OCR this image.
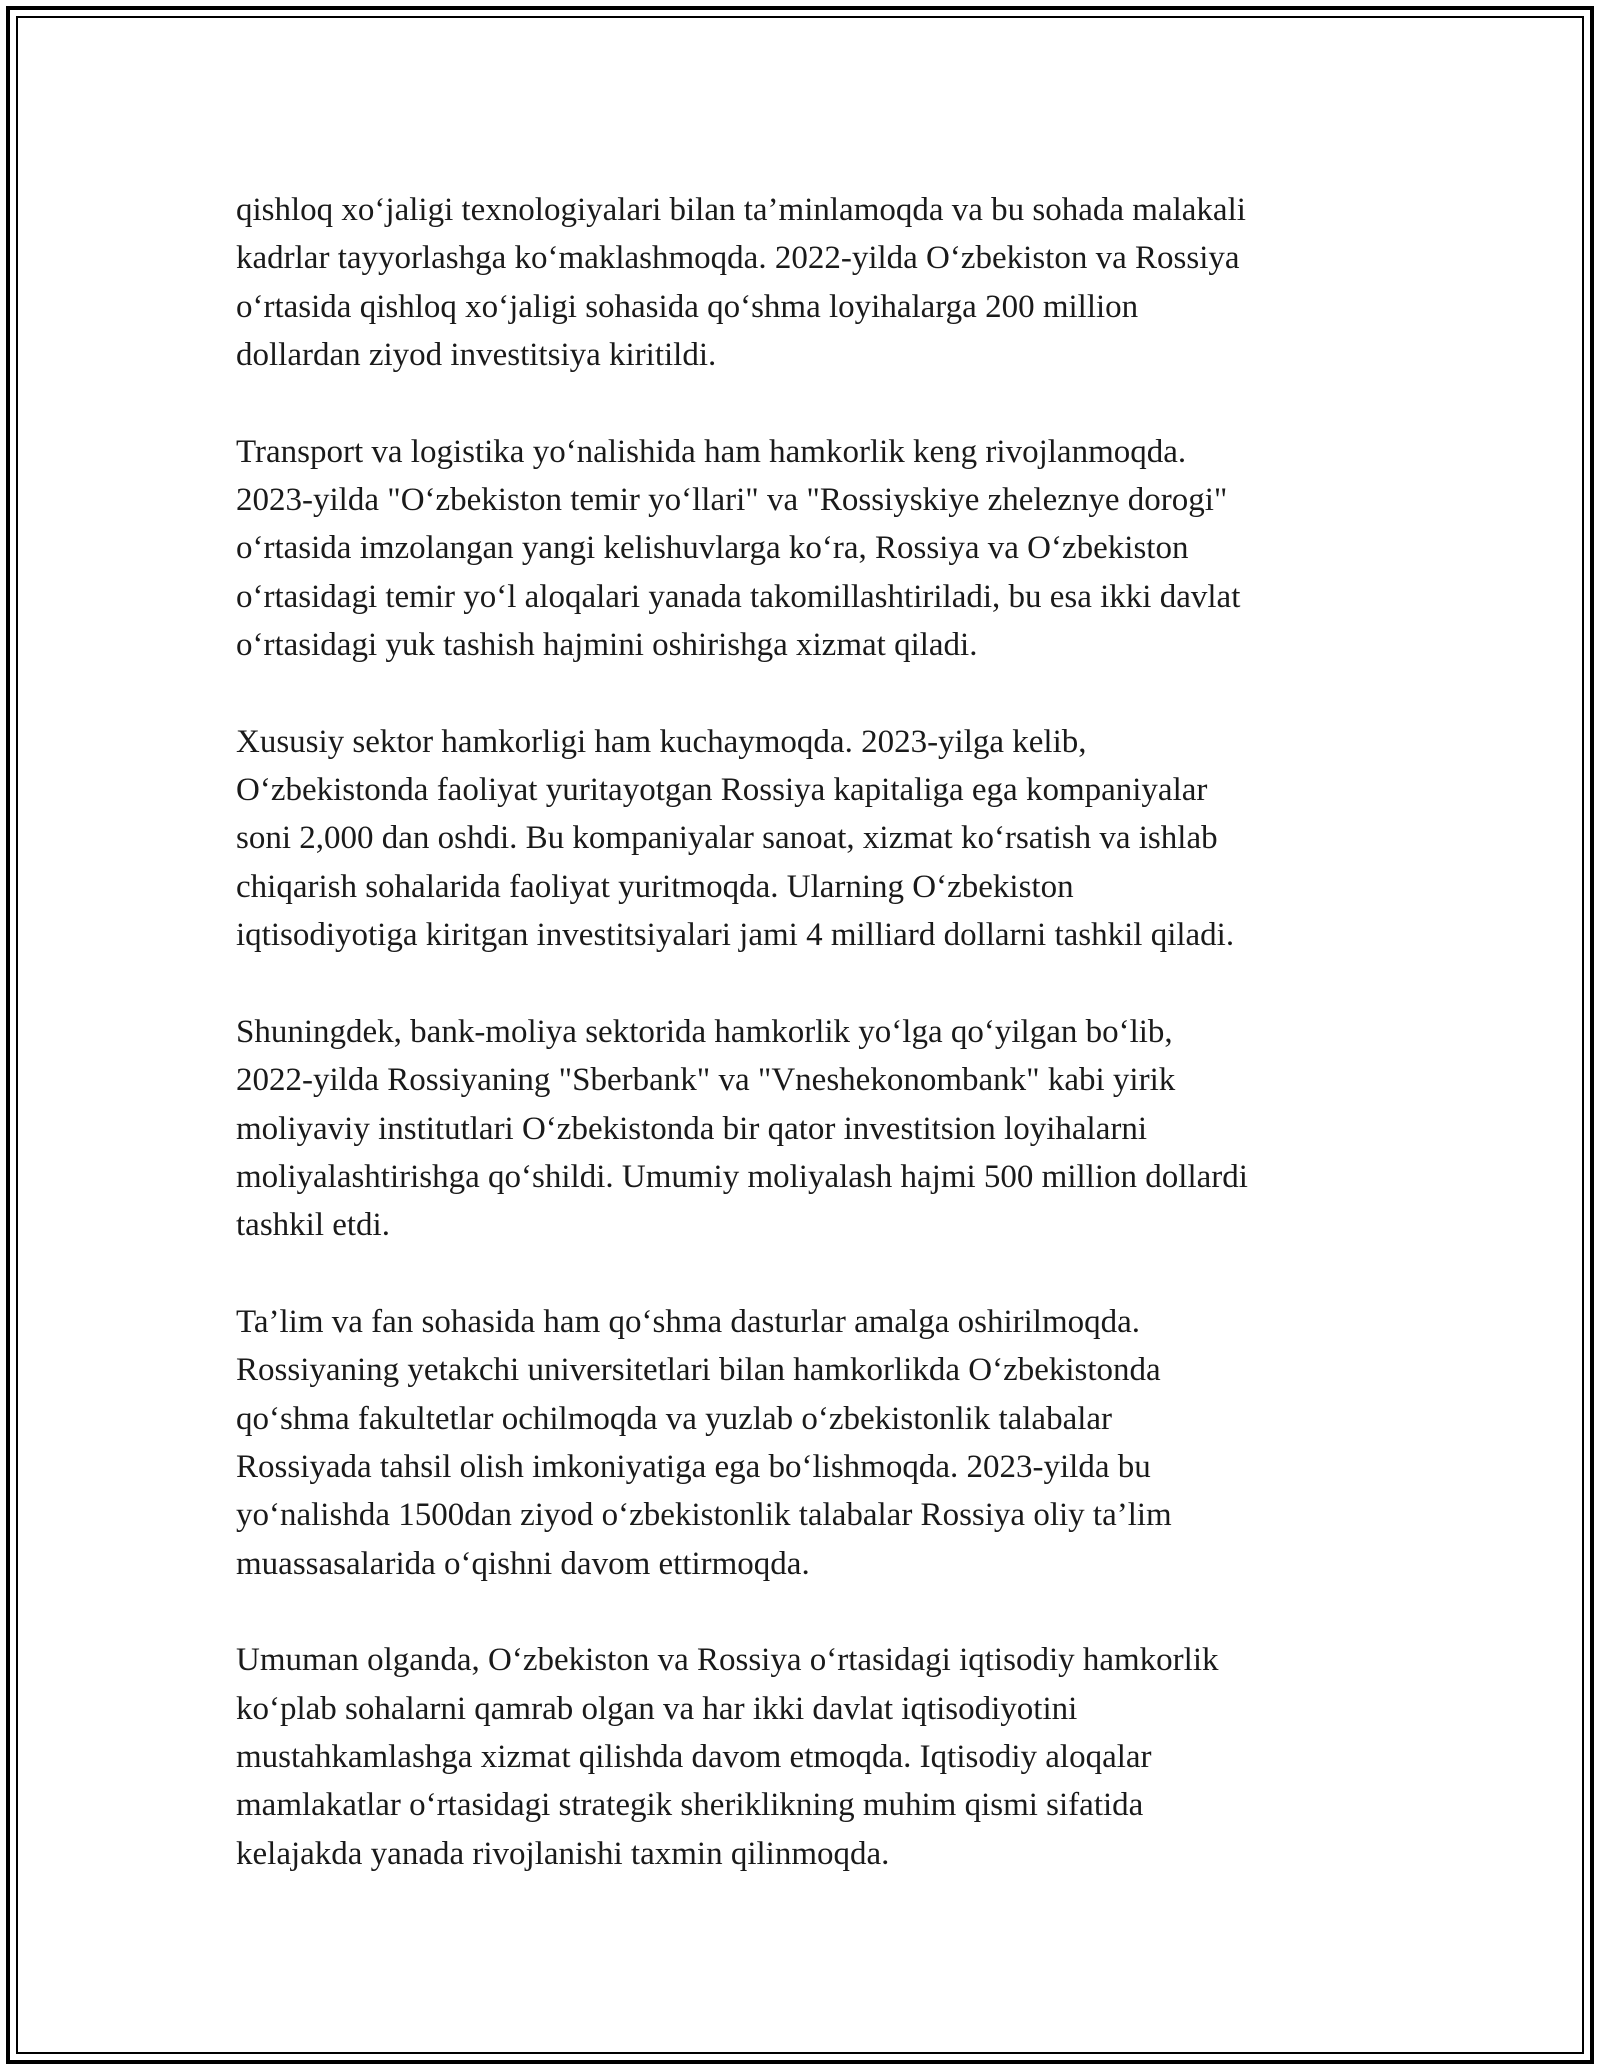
qishloq xo‘jaligi texnologiyalari bilan ta’minlamoqda va bu sohada malakali
kadrlar tayyorlashga ko‘maklashmoqda. 2022-yilda O‘zbekiston va Rossiya
o‘rtasida qishloq xo‘jaligi sohasida qo‘shma loyihalarga 200 million
dollardan ziyod investitsiya kiritildi.

Transport va logistika yo‘nalishida ham hamkorlik keng rivojlanmoqda.
2023-yilda "O‘zbekiston temir yo‘llari" va "Rossiyskiye zheleznye dorogi"
o‘rtasida imzolangan yangi kelishuvlarga ko‘ra, Rossiya va O‘zbekiston
o‘rtasidagi temir yo‘l aloqalari yanada takomillashtiriladi, bu esa ikki davlat
o‘rtasidagi yuk tashish hajmini oshirishga xizmat qiladi.

Xususiy sektor hamkorligi ham kuchaymoqda. 2023-yilga kelib,
O‘zbekistonda faoliyat yuritayotgan Rossiya kapitaliga ega kompaniyalar
soni 2,000 dan oshdi. Bu kompaniyalar sanoat, xizmat ko‘rsatish va ishlab
chiqarish sohalarida faoliyat yuritmoqda. Ularning O‘zbekiston
iqtisodiyotiga kiritgan investitsiyalari jami 4 milliard dollarni tashkil qiladi.

Shuningdek, bank-moliya sektorida hamkorlik yo‘lga qo‘yilgan bo‘lib,
2022-yilda Rossiyaning "Sberbank" va "Vneshekonombank" kabi yirik
moliyaviy institutlari O‘zbekistonda bir qator investitsion loyihalarni
moliyalashtirishga qo‘shildi. Umumiy moliyalash hajmi 500 million dollardi
tashkil etdi.

Ta’lim va fan sohasida ham qo‘shma dasturlar amalga oshirilmoqda.
Rossiyaning yetakchi universitetlari bilan hamkorlikda O‘zbekistonda
qo‘shma fakultetlar ochilmoqda va yuzlab o‘zbekistonlik talabalar
Rossiyada tahsil olish imkoniyatiga ega bo‘lishmoqda. 2023-yilda bu
yo‘nalishda 1500dan ziyod o‘zbekistonlik talabalar Rossiya oliy ta’lim
muassasalarida o‘qishni davom ettirmoqda.

Umuman olganda, O‘zbekiston va Rossiya o‘rtasidagi iqtisodiy hamkorlik
ko‘plab sohalarni qamrab olgan va har ikki davlat iqtisodiyotini
mustahkamlashga xizmat qilishda davom etmoqda. Iqtisodiy aloqalar
mamlakatlar o‘rtasidagi strategik sheriklikning muhim qismi sifatida
kelajakda yanada rivojlanishi taxmin qilinmoqda.
